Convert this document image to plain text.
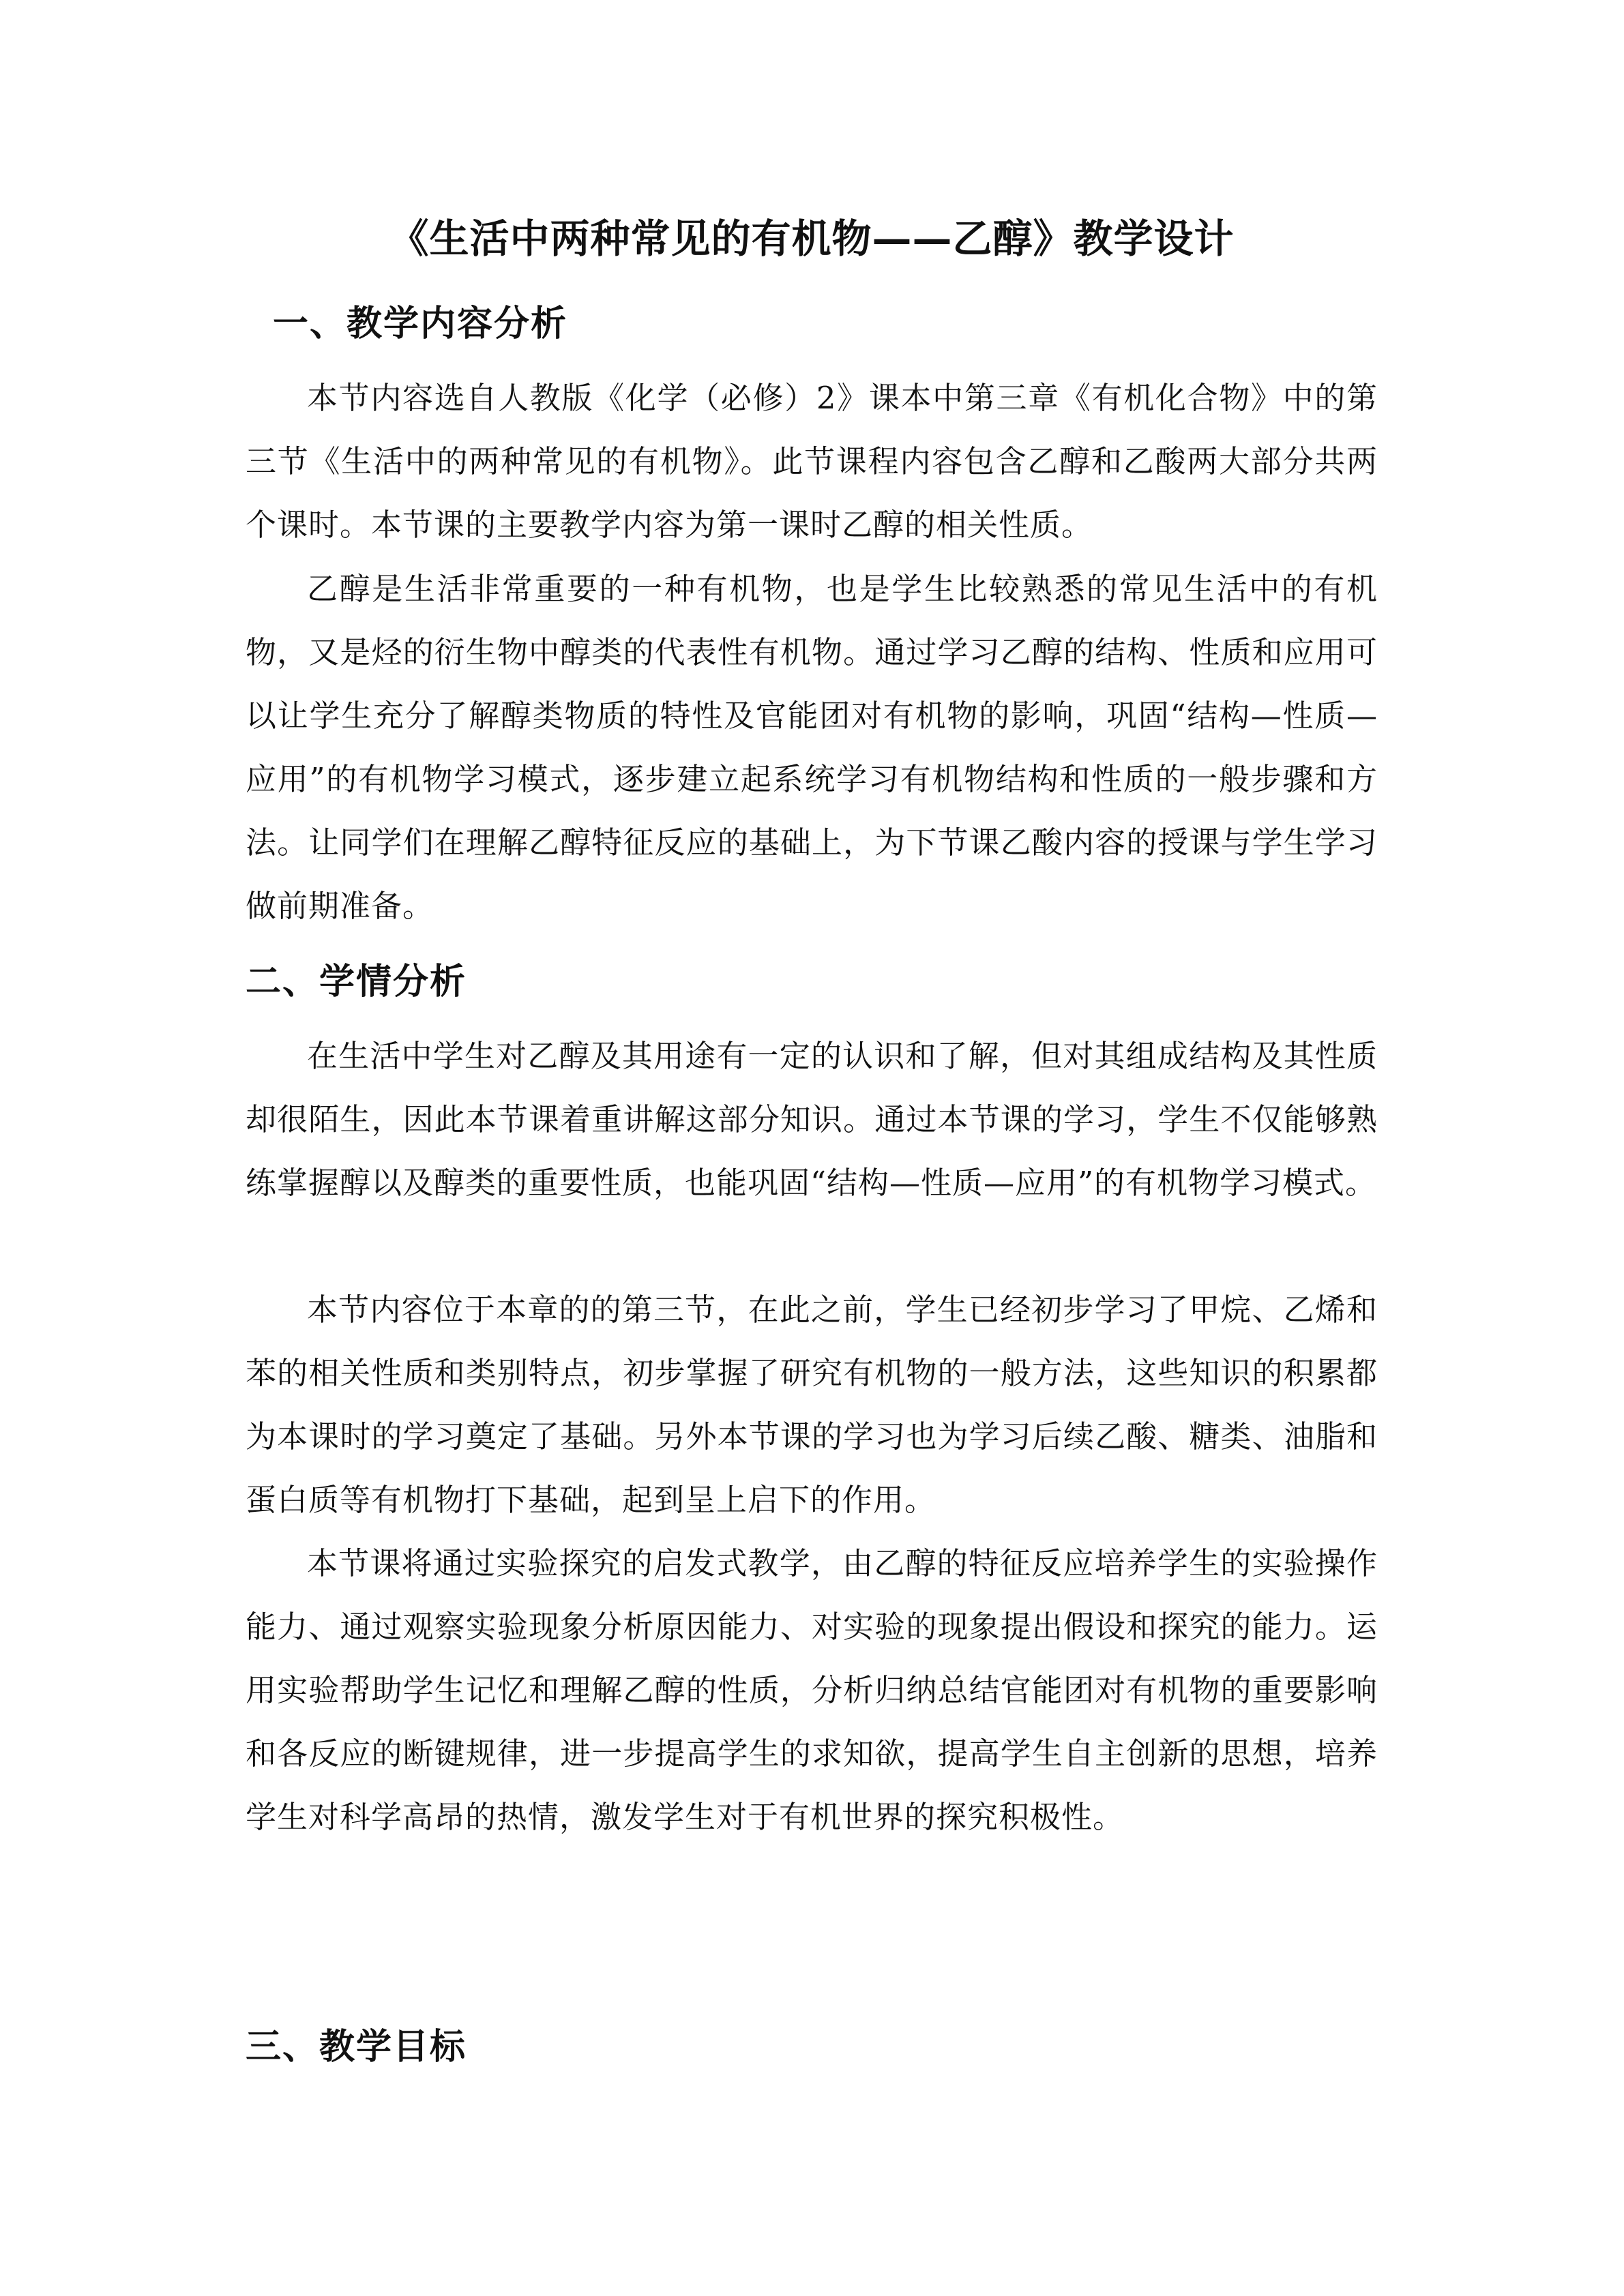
《生活中两种常见的有机物——乙醇》教学设计
一、教学内容分析

本节内容选自人教版《化学（必修）2》课本中第三章《有机化合物》中的第三节《生活中的两种常见的有机物》。此节课程内容包含乙醇和乙酸两大部分共两个课时。本节课的主要教学内容为第一课时乙醇的相关性质。

乙醇是生活非常重要的一种有机物，也是学生比较熟悉的常见生活中的有机物，又是烃的衍生物中醇类的代表性有机物。通过学习乙醇的结构、性质和应用可以让学生充分了解醇类物质的特性及官能团对有机物的影响，巩固“结构—性质—应用”的有机物学习模式，逐步建立起系统学习有机物结构和性质的一般步骤和方法。让同学们在理解乙醇特征反应的基础上，为下节课乙酸内容的授课与学生学习做前期准备。

二、学情分析

在生活中学生对乙醇及其用途有一定的认识和了解，但对其组成结构及其性质却很陌生，因此本节课着重讲解这部分知识。通过本节课的学习，学生不仅能够熟练掌握醇以及醇类的重要性质，也能巩固“结构—性质—应用”的有机物学习模式。

本节内容位于本章的的第三节，在此之前，学生已经初步学习了甲烷、乙烯和苯的相关性质和类别特点，初步掌握了研究有机物的一般方法，这些知识的积累都为本课时的学习奠定了基础。另外本节课的学习也为学习后续乙酸、糖类、油脂和蛋白质等有机物打下基础，起到呈上启下的作用。

本节课将通过实验探究的启发式教学，由乙醇的特征反应培养学生的实验操作能力、通过观察实验现象分析原因能力、对实验的现象提出假设和探究的能力。运用实验帮助学生记忆和理解乙醇的性质，分析归纳总结官能团对有机物的重要影响和各反应的断键规律，进一步提高学生的求知欲，提高学生自主创新的思想，培养学生对科学高昂的热情，激发学生对于有机世界的探究积极性。

三、教学目标
